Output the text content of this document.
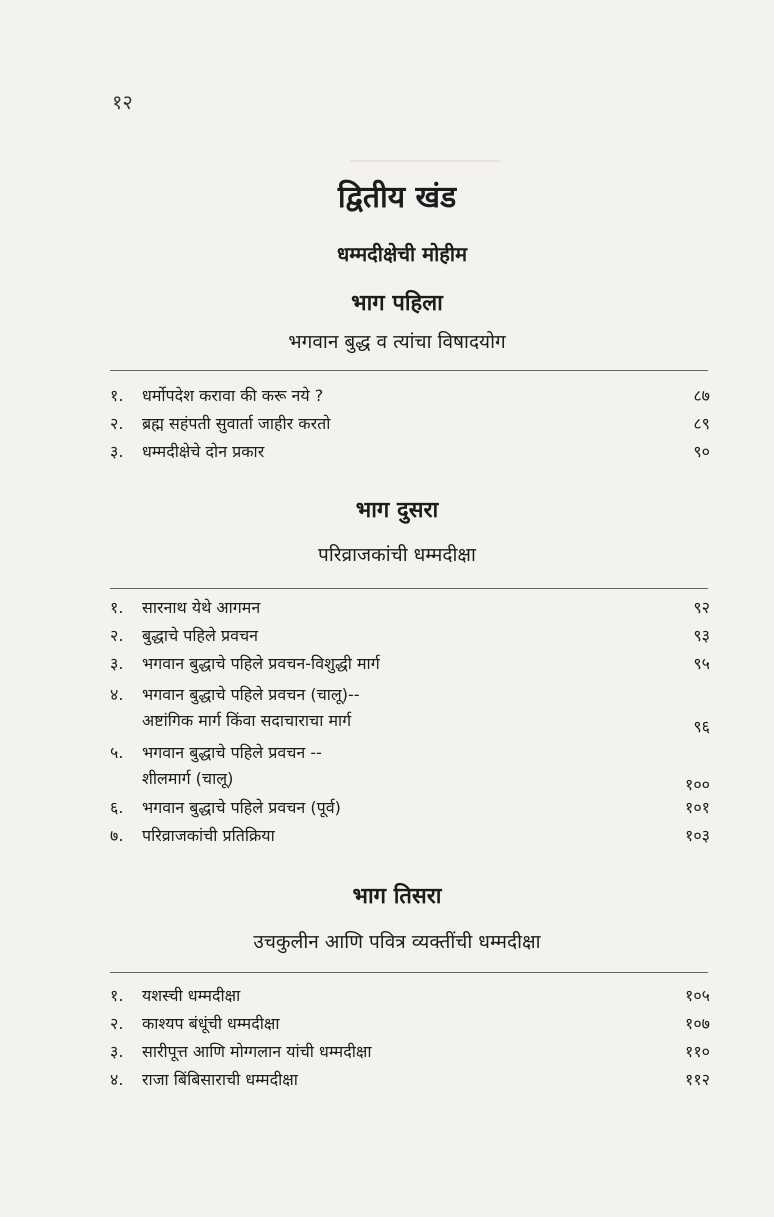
१२
द्वितीय खंड
धम्मदीक्षेची मोहीम
भाग पहिला
भगवान बुद्ध व त्यांचा विषादयोग
१.	धर्मोपदेश करावा की करू नये ?	८७
२.	ब्रह्म सहंपती सुवार्ता जाहीर करतो	८९
३.	धम्मदीक्षेचे दोन प्रकार	९०
भाग दुसरा
परिव्राजकांची धम्मदीक्षा
१.	सारनाथ येथे आगमन	९२
२.	बुद्धाचे पहिले प्रवचन	९३
३.	भगवान बुद्धाचे पहिले प्रवचन-विशुद्धी मार्ग	९५
४.	भगवान बुद्धाचे पहिले प्रवचन (चालू)--
अष्टांगिक मार्ग किंवा सदाचाराचा मार्ग	९६
५.	भगवान बुद्धाचे पहिले प्रवचन --
शीलमार्ग (चालू)	१००
६.	भगवान बुद्धाचे पहिले प्रवचन (पूर्व)	१०१
७.	परिव्राजकांची प्रतिक्रिया	१०३
भाग तिसरा
उचकुलीन आणि पवित्र व्यक्तींची धम्मदीक्षा
१.	यशस्ची धम्मदीक्षा	१०५
२.	काश्यप बंधूंची धम्मदीक्षा	१०७
३.	सारीपूत्त आणि मोग्गलान यांची धम्मदीक्षा	११०
४.	राजा बिंबिसाराची धम्मदीक्षा	११२
